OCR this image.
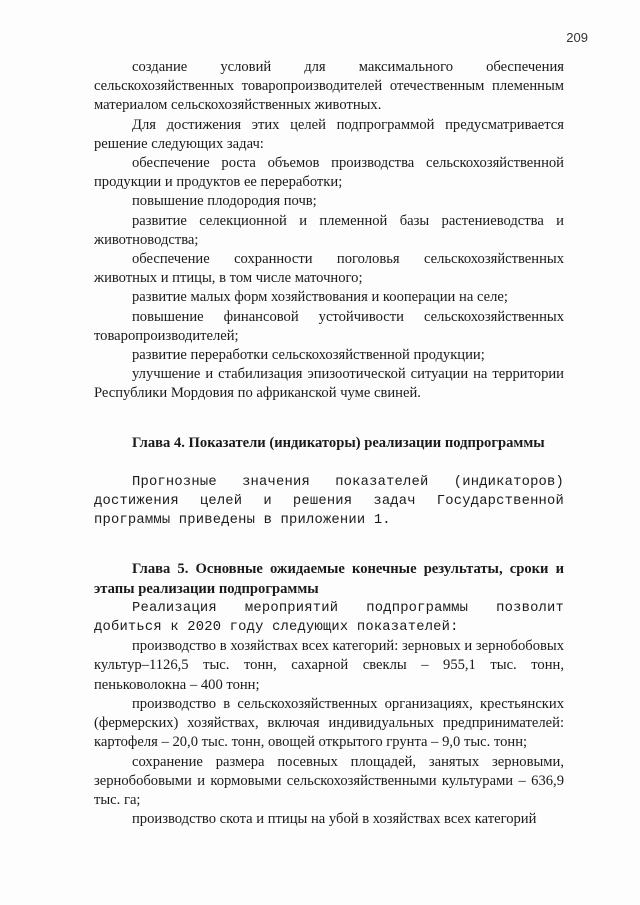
209

создание условий для максимального обеспечения сельскохозяйственных товаропроизводителей отечественным племенным материалом сельскохозяйственных животных.

Для достижения этих целей подпрограммой предусматривается решение следующих задач:

обеспечение роста объемов производства сельскохозяйственной продукции и продуктов ее переработки;

повышение плодородия почв;

развитие селекционной и племенной базы растениеводства и животноводства;

обеспечение сохранности поголовья сельскохозяйственных животных и птицы, в том числе маточного;

развитие малых форм хозяйствования и кооперации на селе;

повышение финансовой устойчивости сельскохозяйственных товаропроизводителей;

развитие переработки сельскохозяйственной продукции;

улучшение и стабилизация эпизоотической ситуации на территории Республики Мордовия по африканской чуме свиней.

Глава 4. Показатели (индикаторы) реализации подпрограммы

Прогнозные значения показателей (индикаторов) достижения целей и решения задач Государственной программы приведены в приложении 1.

Глава 5. Основные ожидаемые конечные результаты, сроки и этапы реализации подпрограммы

Реализация мероприятий подпрограммы позволит добиться к 2020 году следующих показателей:

производство в хозяйствах всех категорий: зерновых и зернобобовых культур–1126,5 тыс. тонн, сахарной свеклы – 955,1 тыс. тонн, пеньковолокна – 400 тонн;

производство в сельскохозяйственных организациях, крестьянских (фермерских) хозяйствах, включая индивидуальных предпринимателей: картофеля – 20,0 тыс. тонн, овощей открытого грунта – 9,0 тыс. тонн;

сохранение размера посевных площадей, занятых зерновыми, зернобобовыми и кормовыми сельскохозяйственными культурами – 636,9 тыс. га;

производство скота и птицы на убой в хозяйствах всех категорий
